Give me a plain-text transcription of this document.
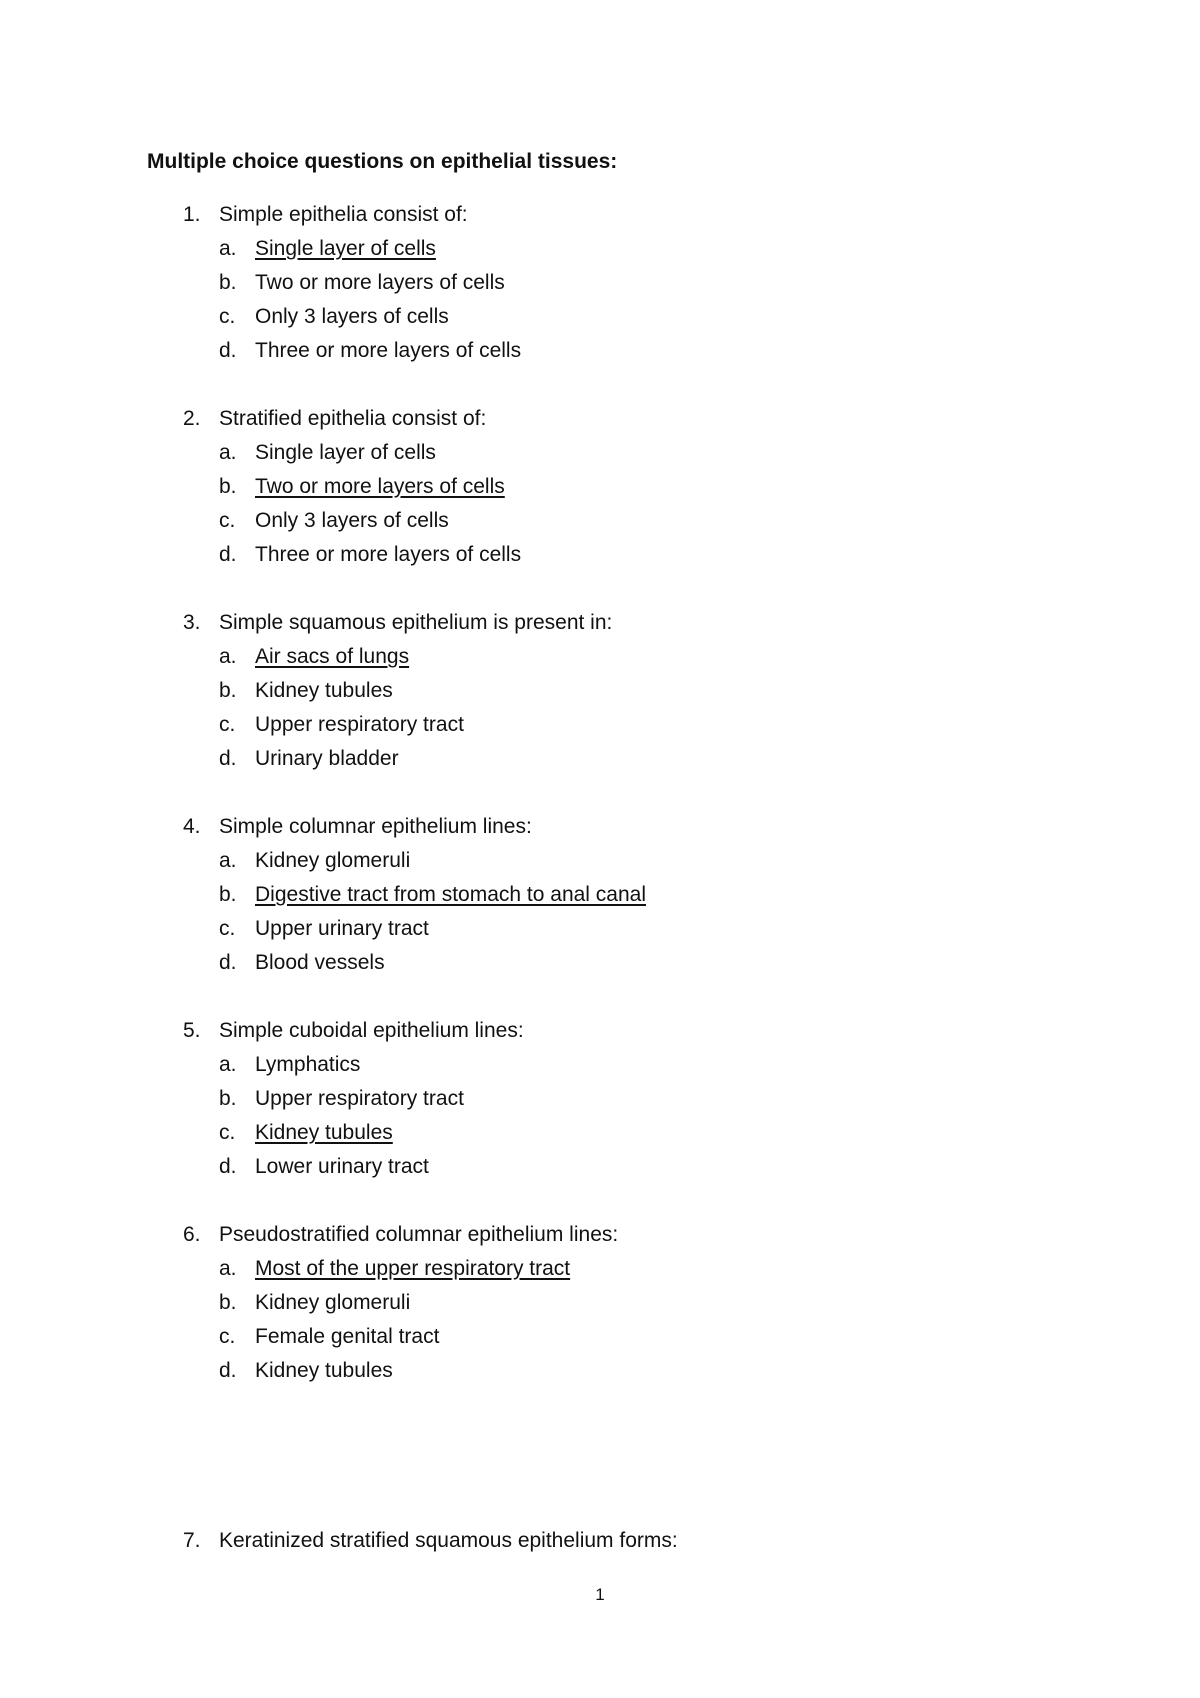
Multiple choice questions on epithelial tissues:
1. Simple epithelia consist of:
a. Single layer of cells
b. Two or more layers of cells
c. Only 3 layers of cells
d. Three or more layers of cells
2. Stratified epithelia consist of:
a. Single layer of cells
b. Two or more layers of cells
c. Only 3 layers of cells
d. Three or more layers of cells
3. Simple squamous epithelium is present in:
a. Air sacs of lungs
b. Kidney tubules
c. Upper respiratory tract
d. Urinary bladder
4. Simple columnar epithelium lines:
a. Kidney glomeruli
b. Digestive tract from stomach to anal canal
c. Upper urinary tract
d. Blood vessels
5. Simple cuboidal epithelium lines:
a. Lymphatics
b. Upper respiratory tract
c. Kidney tubules
d. Lower urinary tract
6. Pseudostratified columnar epithelium lines:
a. Most of the upper respiratory tract
b. Kidney glomeruli
c. Female genital tract
d. Kidney tubules
7. Keratinized stratified squamous epithelium forms:
1
